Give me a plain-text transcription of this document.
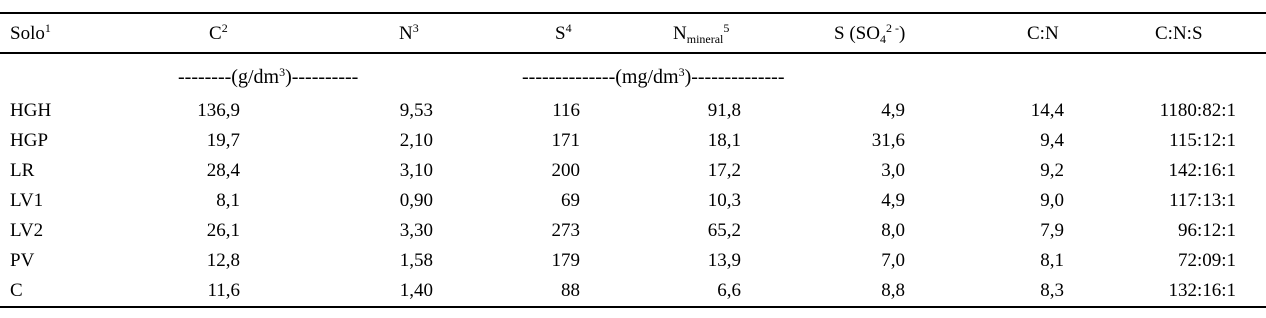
Solo$^1$	$C^2$	$N^3$	$S^4$	$N_{mineral}^5$	S $(SO_4^{2 -})$	C:N	C:N:S
$--------(g/dm^3)----------$	$--------------(mg/dm^3)--------------$
HGH	136,9	9,53	116	91,8	4,9	14,4	1180:82:1
HGP	19,7	2,10	171	18,1	31,6	9,4	115:12:1
LR	28,4	3,10	200	17,2	3,0	9,2	142:16:1
LV1	8,1	0,90	69	10,3	4,9	9,0	117:13:1
LV2	26,1	3,30	273	65,2	8,0	7,9	96:12:1
PV	12,8	1,58	179	13,9	7,0	8,1	72:09:1
C	11,6	1,40	88	6,6	8,8	8,3	132:16:1
